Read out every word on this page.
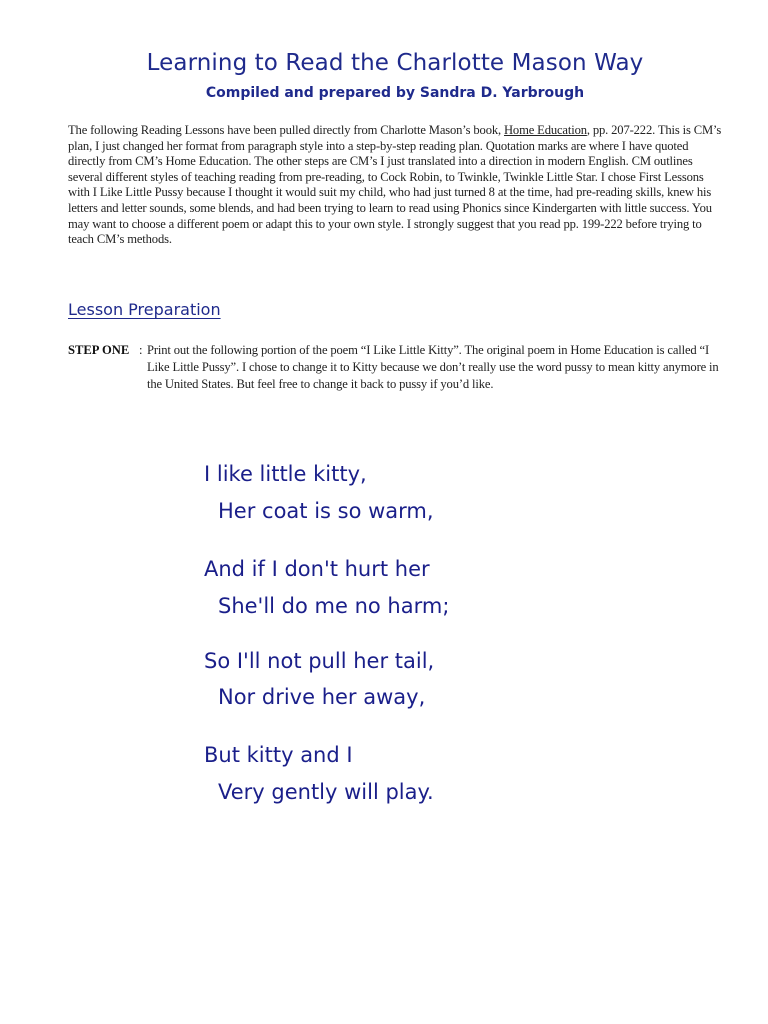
Learning to Read the Charlotte Mason Way
Compiled and prepared by Sandra D. Yarbrough
The following Reading Lessons have been pulled directly from Charlotte Mason’s book, Home Education, pp. 207-222. This is CM’s plan, I just changed her format from paragraph style into a step-by-step reading plan. Quotation marks are where I have quoted directly from CM’s Home Education. The other steps are CM’s I just translated into a direction in modern English. CM outlines several different styles of teaching reading from pre-reading, to Cock Robin, to Twinkle, Twinkle Little Star. I chose First Lessons with I Like Little Pussy because I thought it would suit my child, who had just turned 8 at the time, had pre-reading skills, knew his letters and letter sounds, some blends, and had been trying to learn to read using Phonics since Kindergarten with little success. You may want to choose a different poem or adapt this to your own style. I strongly suggest that you read pp. 199-222 before trying to teach CM’s methods.
Lesson Preparation
STEP ONE : Print out the following portion of the poem “I Like Little Kitty”. The original poem in Home Education is called “I Like Little Pussy”. I chose to change it to Kitty because we don’t really use the word pussy to mean kitty anymore in the United States. But feel free to change it back to pussy if you’d like.
I like little kitty,
Her coat is so warm,
And if I don't hurt her
She'll do me no harm;
So I'll not pull her tail,
Nor drive her away,
But kitty and I
Very gently will play.
